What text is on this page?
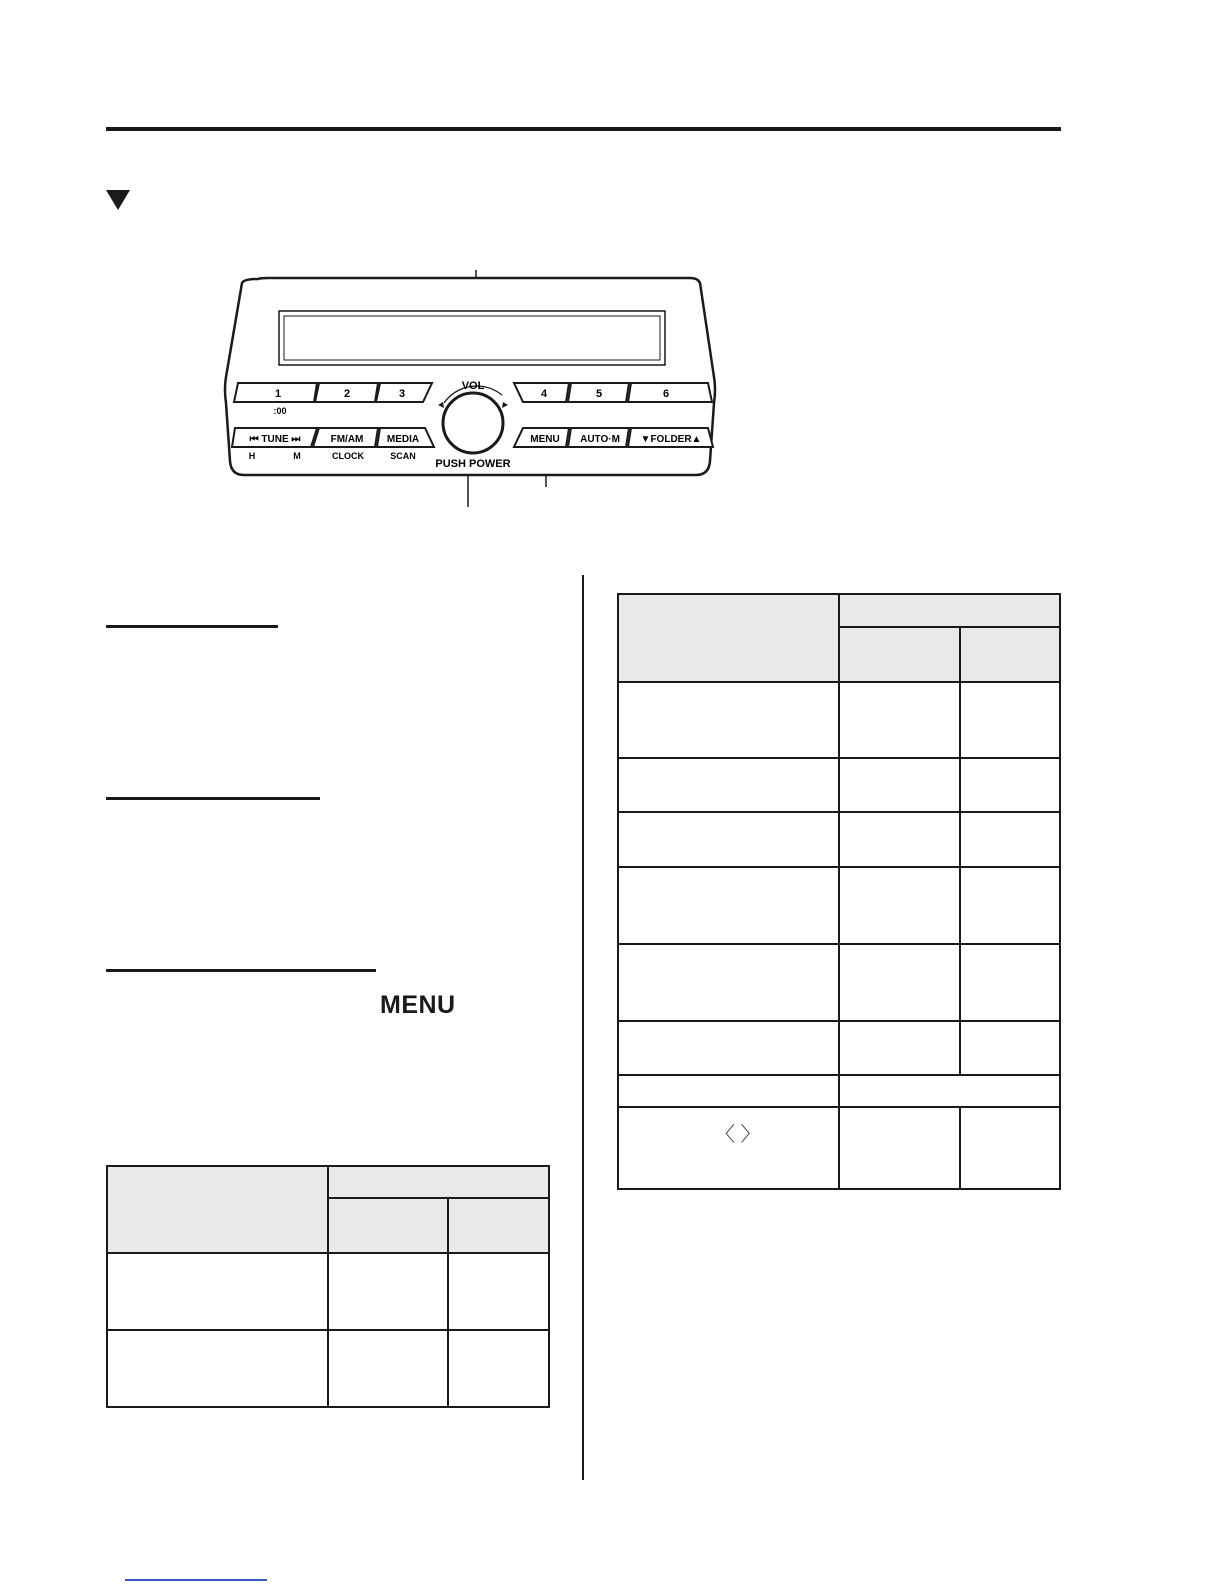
VOL
PUSH POWER
1	2	3
:00
4	5	6
⏮ TUNE ⏭	FM/AM MEDIA
H	M	CLOCK	SCAN
MENU AUTO·M ▼FOLDER▲
MENU

〈 〉		
